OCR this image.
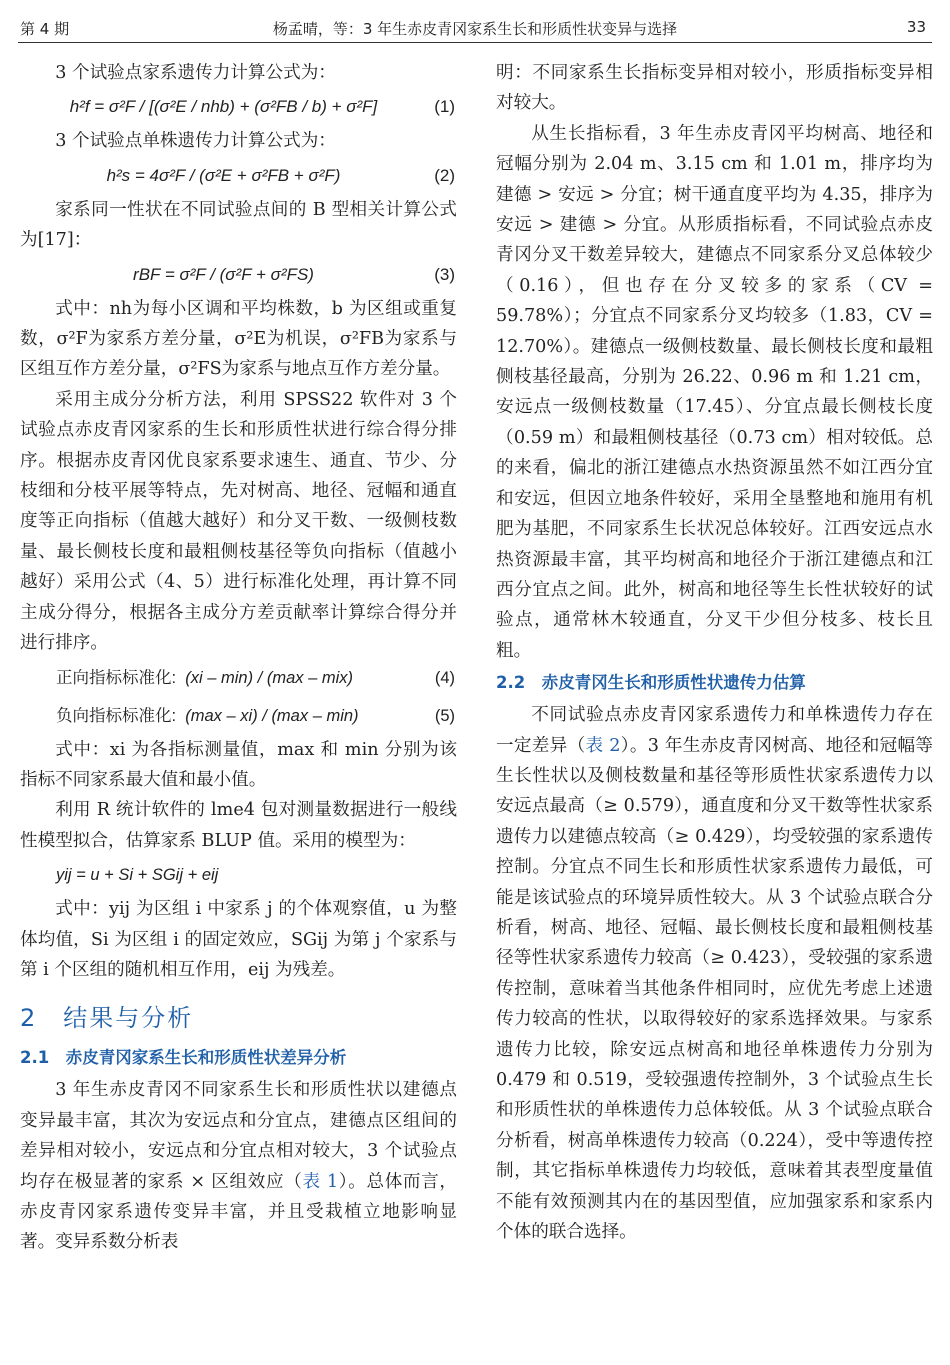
第 4 期	杨孟晴，等：3 年生赤皮青冈家系生长和形质性状变异与选择	33

3 个试验点家系遗传力计算公式为：

h²f = σ²F / [(σ²E / nhb) + (σ²FB / b) + σ²F]	(1)

3 个试验点单株遗传力计算公式为：

h²s = 4σ²F / (σ²E + σ²FB + σ²F)	(2)

家系同一性状在不同试验点间的 B 型相关计算公式为[17]：

rBF = σ²F / (σ²F + σ²FS)	(3)

式中：nh为每小区调和平均株数，b 为区组或重复数，σ²F为家系方差分量，σ²E为机误，σ²FB为家系与区组互作方差分量，σ²FS为家系与地点互作方差分量。

采用主成分分析方法，利用 SPSS22 软件对 3 个试验点赤皮青冈家系的生长和形质性状进行综合得分排序。根据赤皮青冈优良家系要求速生、通直、节少、分枝细和分枝平展等特点，先对树高、地径、冠幅和通直度等正向指标（值越大越好）和分叉干数、一级侧枝数量、最长侧枝长度和最粗侧枝基径等负向指标（值越小越好）采用公式（4、5）进行标准化处理，再计算不同主成分得分，根据各主成分方差贡献率计算综合得分并进行排序。

正向指标标准化: (xi – min) / (max – mix)	(4)
负向指标标准化: (max – xi) / (max – min)	(5)

式中：xi 为各指标测量值，max 和 min 分别为该指标不同家系最大值和最小值。

利用 R 统计软件的 lme4 包对测量数据进行一般线性模型拟合，估算家系 BLUP 值。采用的模型为：

yij = u + Si + SGij + eij

式中：yij 为区组 i 中家系 j 的个体观察值，u 为整体均值，Si 为区组 i 的固定效应，SGij 为第 j 个家系与第 i 个区组的随机相互作用，eij 为残差。

2　结果与分析
2.1　赤皮青冈家系生长和形质性状差异分析

3 年生赤皮青冈不同家系生长和形质性状以建德点变异最丰富，其次为安远点和分宜点，建德点区组间的差异相对较小，安远点和分宜点相对较大，3 个试验点均存在极显著的家系 × 区组效应（表 1）。总体而言，赤皮青冈家系遗传变异丰富，并且受栽植立地影响显著。变异系数分析表

明：不同家系生长指标变异相对较小，形质指标变异相对较大。

从生长指标看，3 年生赤皮青冈平均树高、地径和冠幅分别为 2.04 m、3.15 cm 和 1.01 m，排序均为建德 > 安远 > 分宜；树干通直度平均为 4.35，排序为安远 > 建德 > 分宜。从形质指标看，不同试验点赤皮青冈分叉干数差异较大，建德点不同家系分叉总体较少（0.16），但也存在分叉较多的家系（CV = 59.78%）；分宜点不同家系分叉均较多（1.83，CV = 12.70%）。建德点一级侧枝数量、最长侧枝长度和最粗侧枝基径最高，分别为 26.22、0.96 m 和 1.21 cm，安远点一级侧枝数量（17.45）、分宜点最长侧枝长度（0.59 m）和最粗侧枝基径（0.73 cm）相对较低。总的来看，偏北的浙江建德点水热资源虽然不如江西分宜和安远，但因立地条件较好，采用全垦整地和施用有机肥为基肥，不同家系生长状况总体较好。江西安远点水热资源最丰富，其平均树高和地径介于浙江建德点和江西分宜点之间。此外，树高和地径等生长性状较好的试验点，通常林木较通直，分叉干少但分枝多、枝长且粗。

2.2　赤皮青冈生长和形质性状遗传力估算

不同试验点赤皮青冈家系遗传力和单株遗传力存在一定差异（表 2）。3 年生赤皮青冈树高、地径和冠幅等生长性状以及侧枝数量和基径等形质性状家系遗传力以安远点最高（≥ 0.579），通直度和分叉干数等性状家系遗传力以建德点较高（≥ 0.429），均受较强的家系遗传控制。分宜点不同生长和形质性状家系遗传力最低，可能是该试验点的环境异质性较大。从 3 个试验点联合分析看，树高、地径、冠幅、最长侧枝长度和最粗侧枝基径等性状家系遗传力较高（≥ 0.423），受较强的家系遗传控制，意味着当其他条件相同时，应优先考虑上述遗传力较高的性状，以取得较好的家系选择效果。与家系遗传力比较，除安远点树高和地径单株遗传力分别为 0.479 和 0.519，受较强遗传控制外，3 个试验点生长和形质性状的单株遗传力总体较低。从 3 个试验点联合分析看，树高单株遗传力较高（0.224），受中等遗传控制，其它指标单株遗传力均较低，意味着其表型度量值不能有效预测其内在的基因型值，应加强家系和家系内个体的联合选择。
